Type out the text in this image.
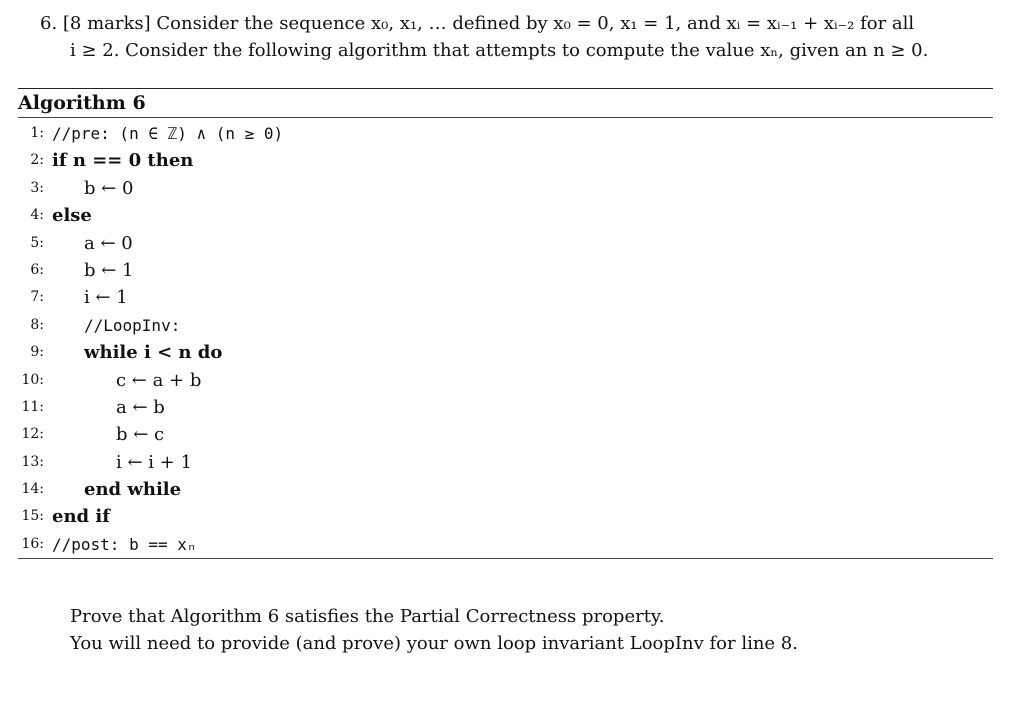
6. [8 marks] Consider the sequence x₀, x₁, … defined by x₀ = 0, x₁ = 1, and xᵢ = xᵢ₋₁ + xᵢ₋₂ for all
i ≥ 2. Consider the following algorithm that attempts to compute the value xₙ, given an n ≥ 0.
Algorithm 6
1: //pre: (n ∈ ℤ) ∧ (n ≥ 0)
2: if n == 0 then
3: b ← 0
4: else
5: a ← 0
6: b ← 1
7: i ← 1
8:	//LoopInv:
9: while i < n do
10:	c ← a + b
11:	a ← b
12:	b ← c
13:	i ← i + 1
14: end while
15: end if
16: //post: b == xₙ
Prove that Algorithm 6 satisfies the Partial Correctness property.
You will need to provide (and prove) your own loop invariant LoopInv for line 8.
